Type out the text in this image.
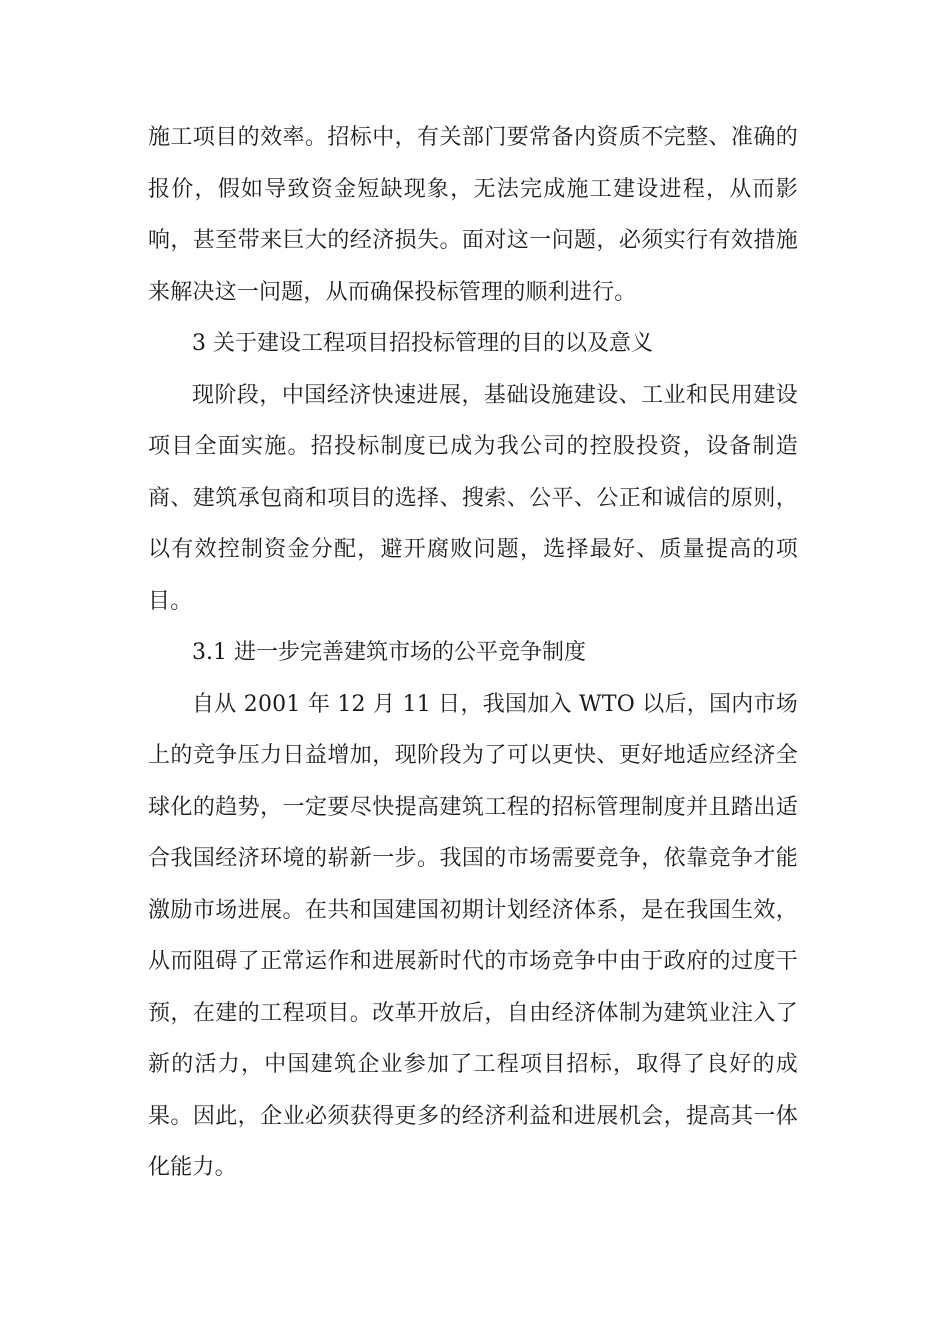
施工项目的效率。招标中，有关部门要常备内资质不完整、准确的报价，假如导致资金短缺现象，无法完成施工建设进程，从而影响，甚至带来巨大的经济损失。面对这一问题，必须实行有效措施来解决这一问题，从而确保投标管理的顺利进行。

3 关于建设工程项目招投标管理的目的以及意义

现阶段，中国经济快速进展，基础设施建设、工业和民用建设项目全面实施。招投标制度已成为我公司的控股投资，设备制造商、建筑承包商和项目的选择、搜索、公平、公正和诚信的原则，以有效控制资金分配，避开腐败问题，选择最好、质量提高的项目。

3.1 进一步完善建筑市场的公平竞争制度

自从 2001 年 12 月 11 日，我国加入 WTO 以后，国内市场上的竞争压力日益增加，现阶段为了可以更快、更好地适应经济全球化的趋势，一定要尽快提高建筑工程的招标管理制度并且踏出适合我国经济环境的崭新一步。我国的市场需要竞争，依靠竞争才能激励市场进展。在共和国建国初期计划经济体系，是在我国生效，从而阻碍了正常运作和进展新时代的市场竞争中由于政府的过度干预，在建的工程项目。改革开放后，自由经济体制为建筑业注入了新的活力，中国建筑企业参加了工程项目招标，取得了良好的成果。因此，企业必须获得更多的经济利益和进展机会，提高其一体化能力。
